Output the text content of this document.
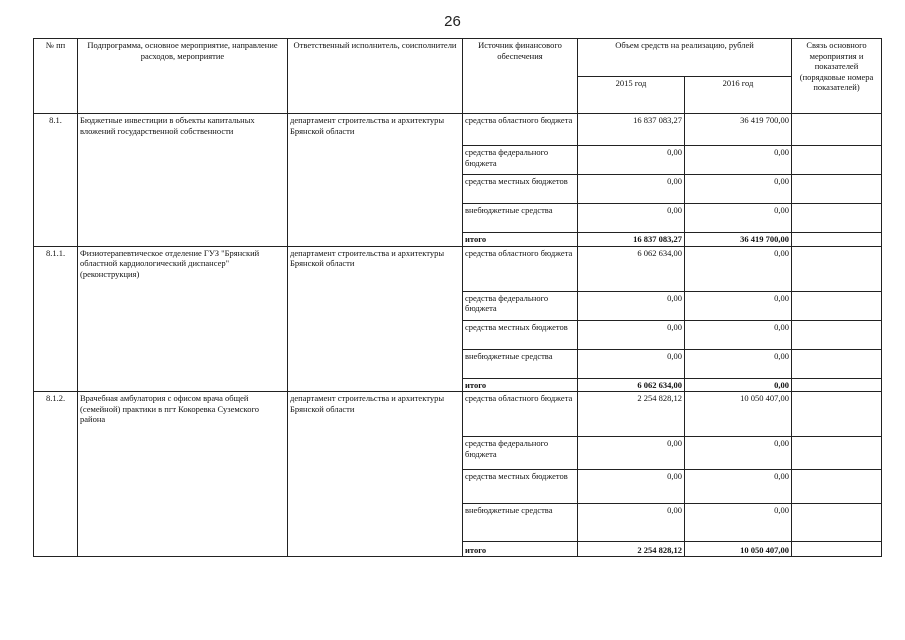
26
№ пп	Подпрограмма, основное мероприятие, направление расходов, мероприятие	Ответственный исполнитель, соисполнители	Источник финансового обеспечения	Объем средств на реализацию, рублей		Связь основного мероприятия и показателей (порядковые номера показателей)
				2015 год	2016 год	
8.1.	Бюджетные инвестиции в объекты капитальных вложений государственной собственности	департамент строительства и архитектуры Брянской области	средства областного бюджета	16 837 083,27	36 419 700,00	
			средства федерального бюджета	0,00	0,00	
			средства местных бюджетов	0,00	0,00	
			внебюджетные средства	0,00	0,00	
			итого	16 837 083,27	36 419 700,00	
8.1.1.	Физиотерапевтическое отделение ГУЗ "Брянский областной кардиологический диспансер" (реконструкция)	департамент строительства и архитектуры Брянской области	средства областного бюджета	6 062 634,00	0,00	
			средства федерального бюджета	0,00	0,00	
			средства местных бюджетов	0,00	0,00	
			внебюджетные средства	0,00	0,00	
			итого	6 062 634,00	0,00	
8.1.2.	Врачебная амбулатория с офисом врача общей (семейной) практики в пгт Кокоревка Суземского района	департамент строительства и архитектуры Брянской области	средства областного бюджета	2 254 828,12	10 050 407,00	
			средства федерального бюджета	0,00	0,00	
			средства местных бюджетов	0,00	0,00	
			внебюджетные средства	0,00	0,00	
			итого	2 254 828,12	10 050 407,00	
